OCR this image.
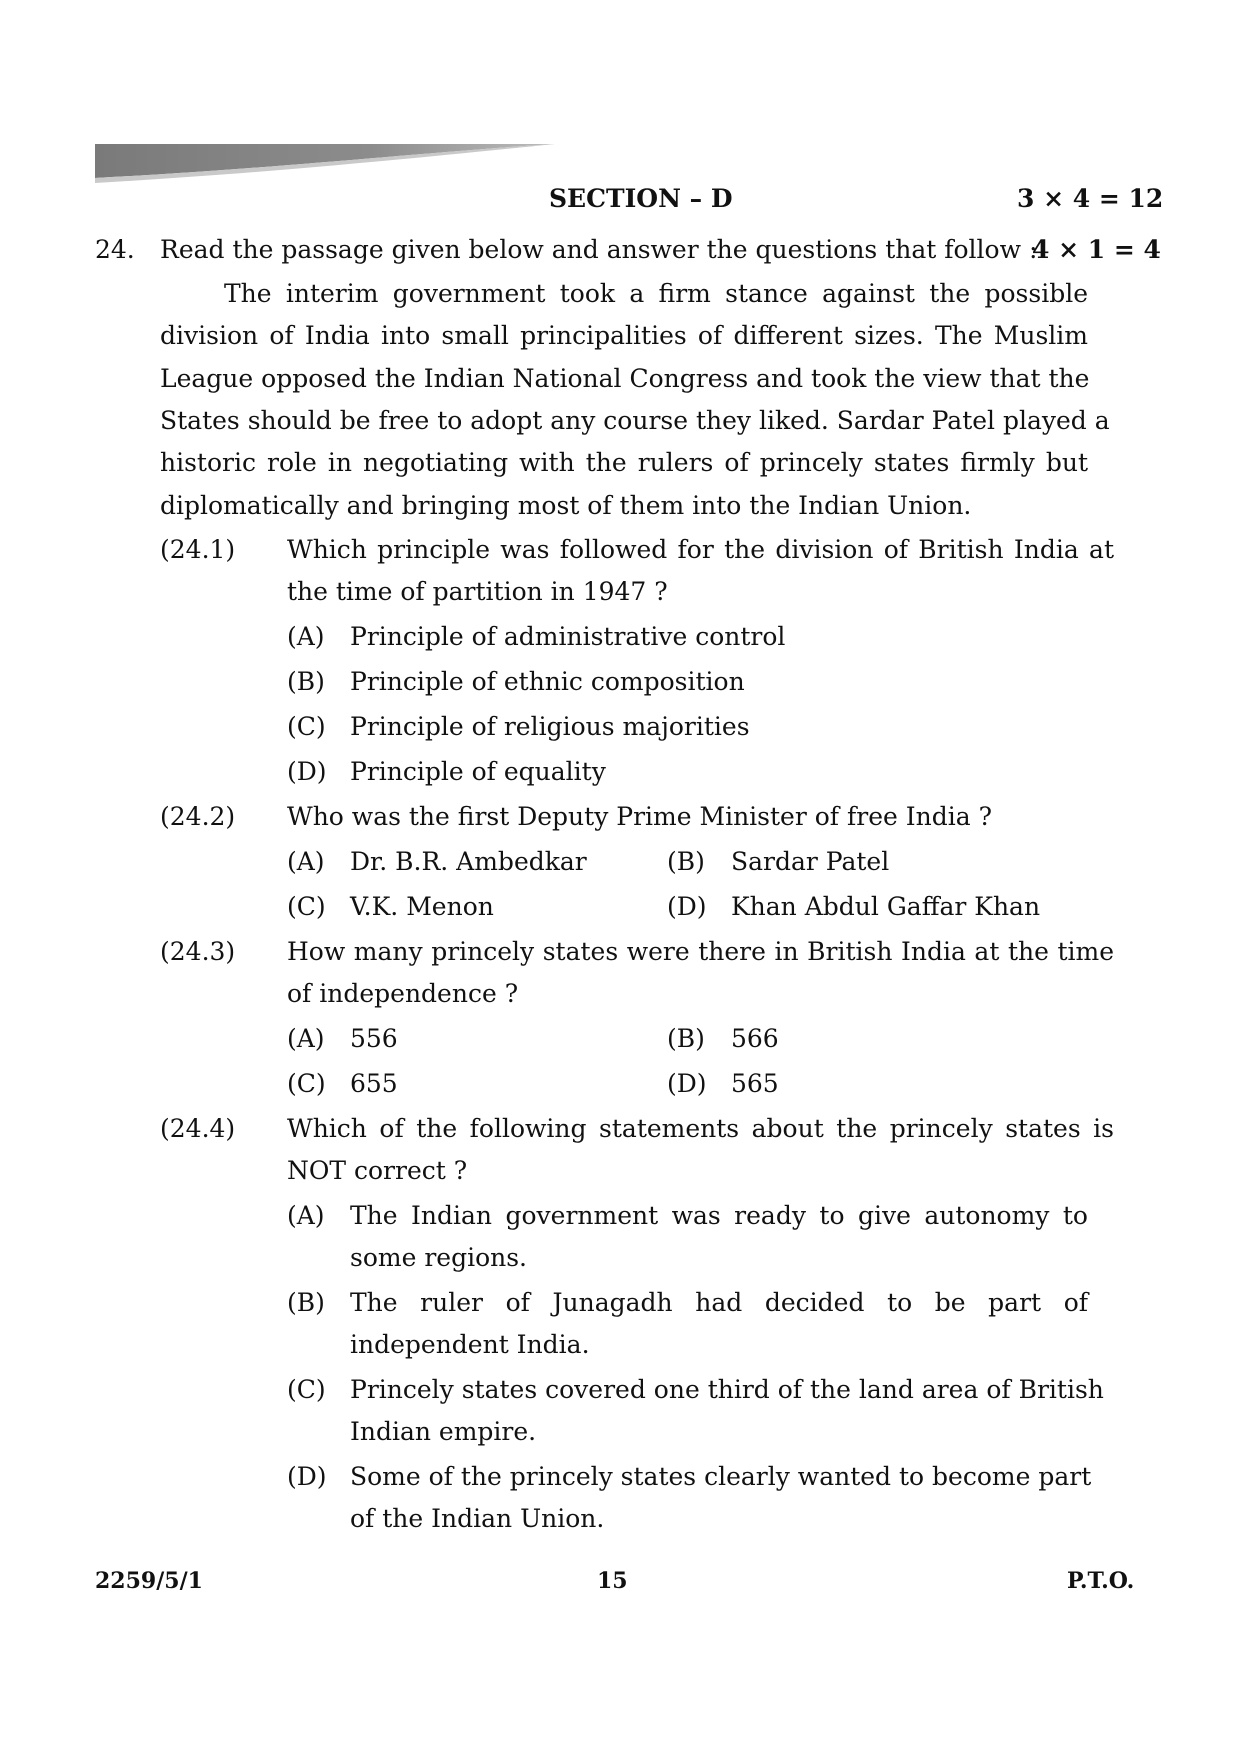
SECTION – D	3 × 4 = 12
24. Read the passage given below and answer the questions that follow :
4 × 1 = 4
The interim government took a firm stance against the possible
division of India into small principalities of different sizes. The Muslim
League opposed the Indian National Congress and took the view that the
States should be free to adopt any course they liked. Sardar Patel played a
historic role in negotiating with the rulers of princely states firmly but
diplomatically and bringing most of them into the Indian Union.
(24.1) Which principle was followed for the division of British India at
the time of partition in 1947 ?
(A) Principle of administrative control
(B) Principle of ethnic composition
(C) Principle of religious majorities
(D) Principle of equality
(24.2) Who was the first Deputy Prime Minister of free India ?
(A) Dr. B.R. Ambedkar	(B) Sardar Patel
(C) V.K. Menon	(D) Khan Abdul Gaffar Khan
(24.3) How many princely states were there in British India at the time
of independence ?
(A) 556	(B) 566
(C) 655	(D) 565
(24.4) Which of the following statements about the princely states is
NOT correct ?
(A) The Indian government was ready to give autonomy to
some regions.
(B) The ruler of Junagadh had decided to be part of
independent India.
(C) Princely states covered one third of the land area of British
Indian empire.
(D) Some of the princely states clearly wanted to become part
of the Indian Union.
2259/5/1	15	P.T.O.
